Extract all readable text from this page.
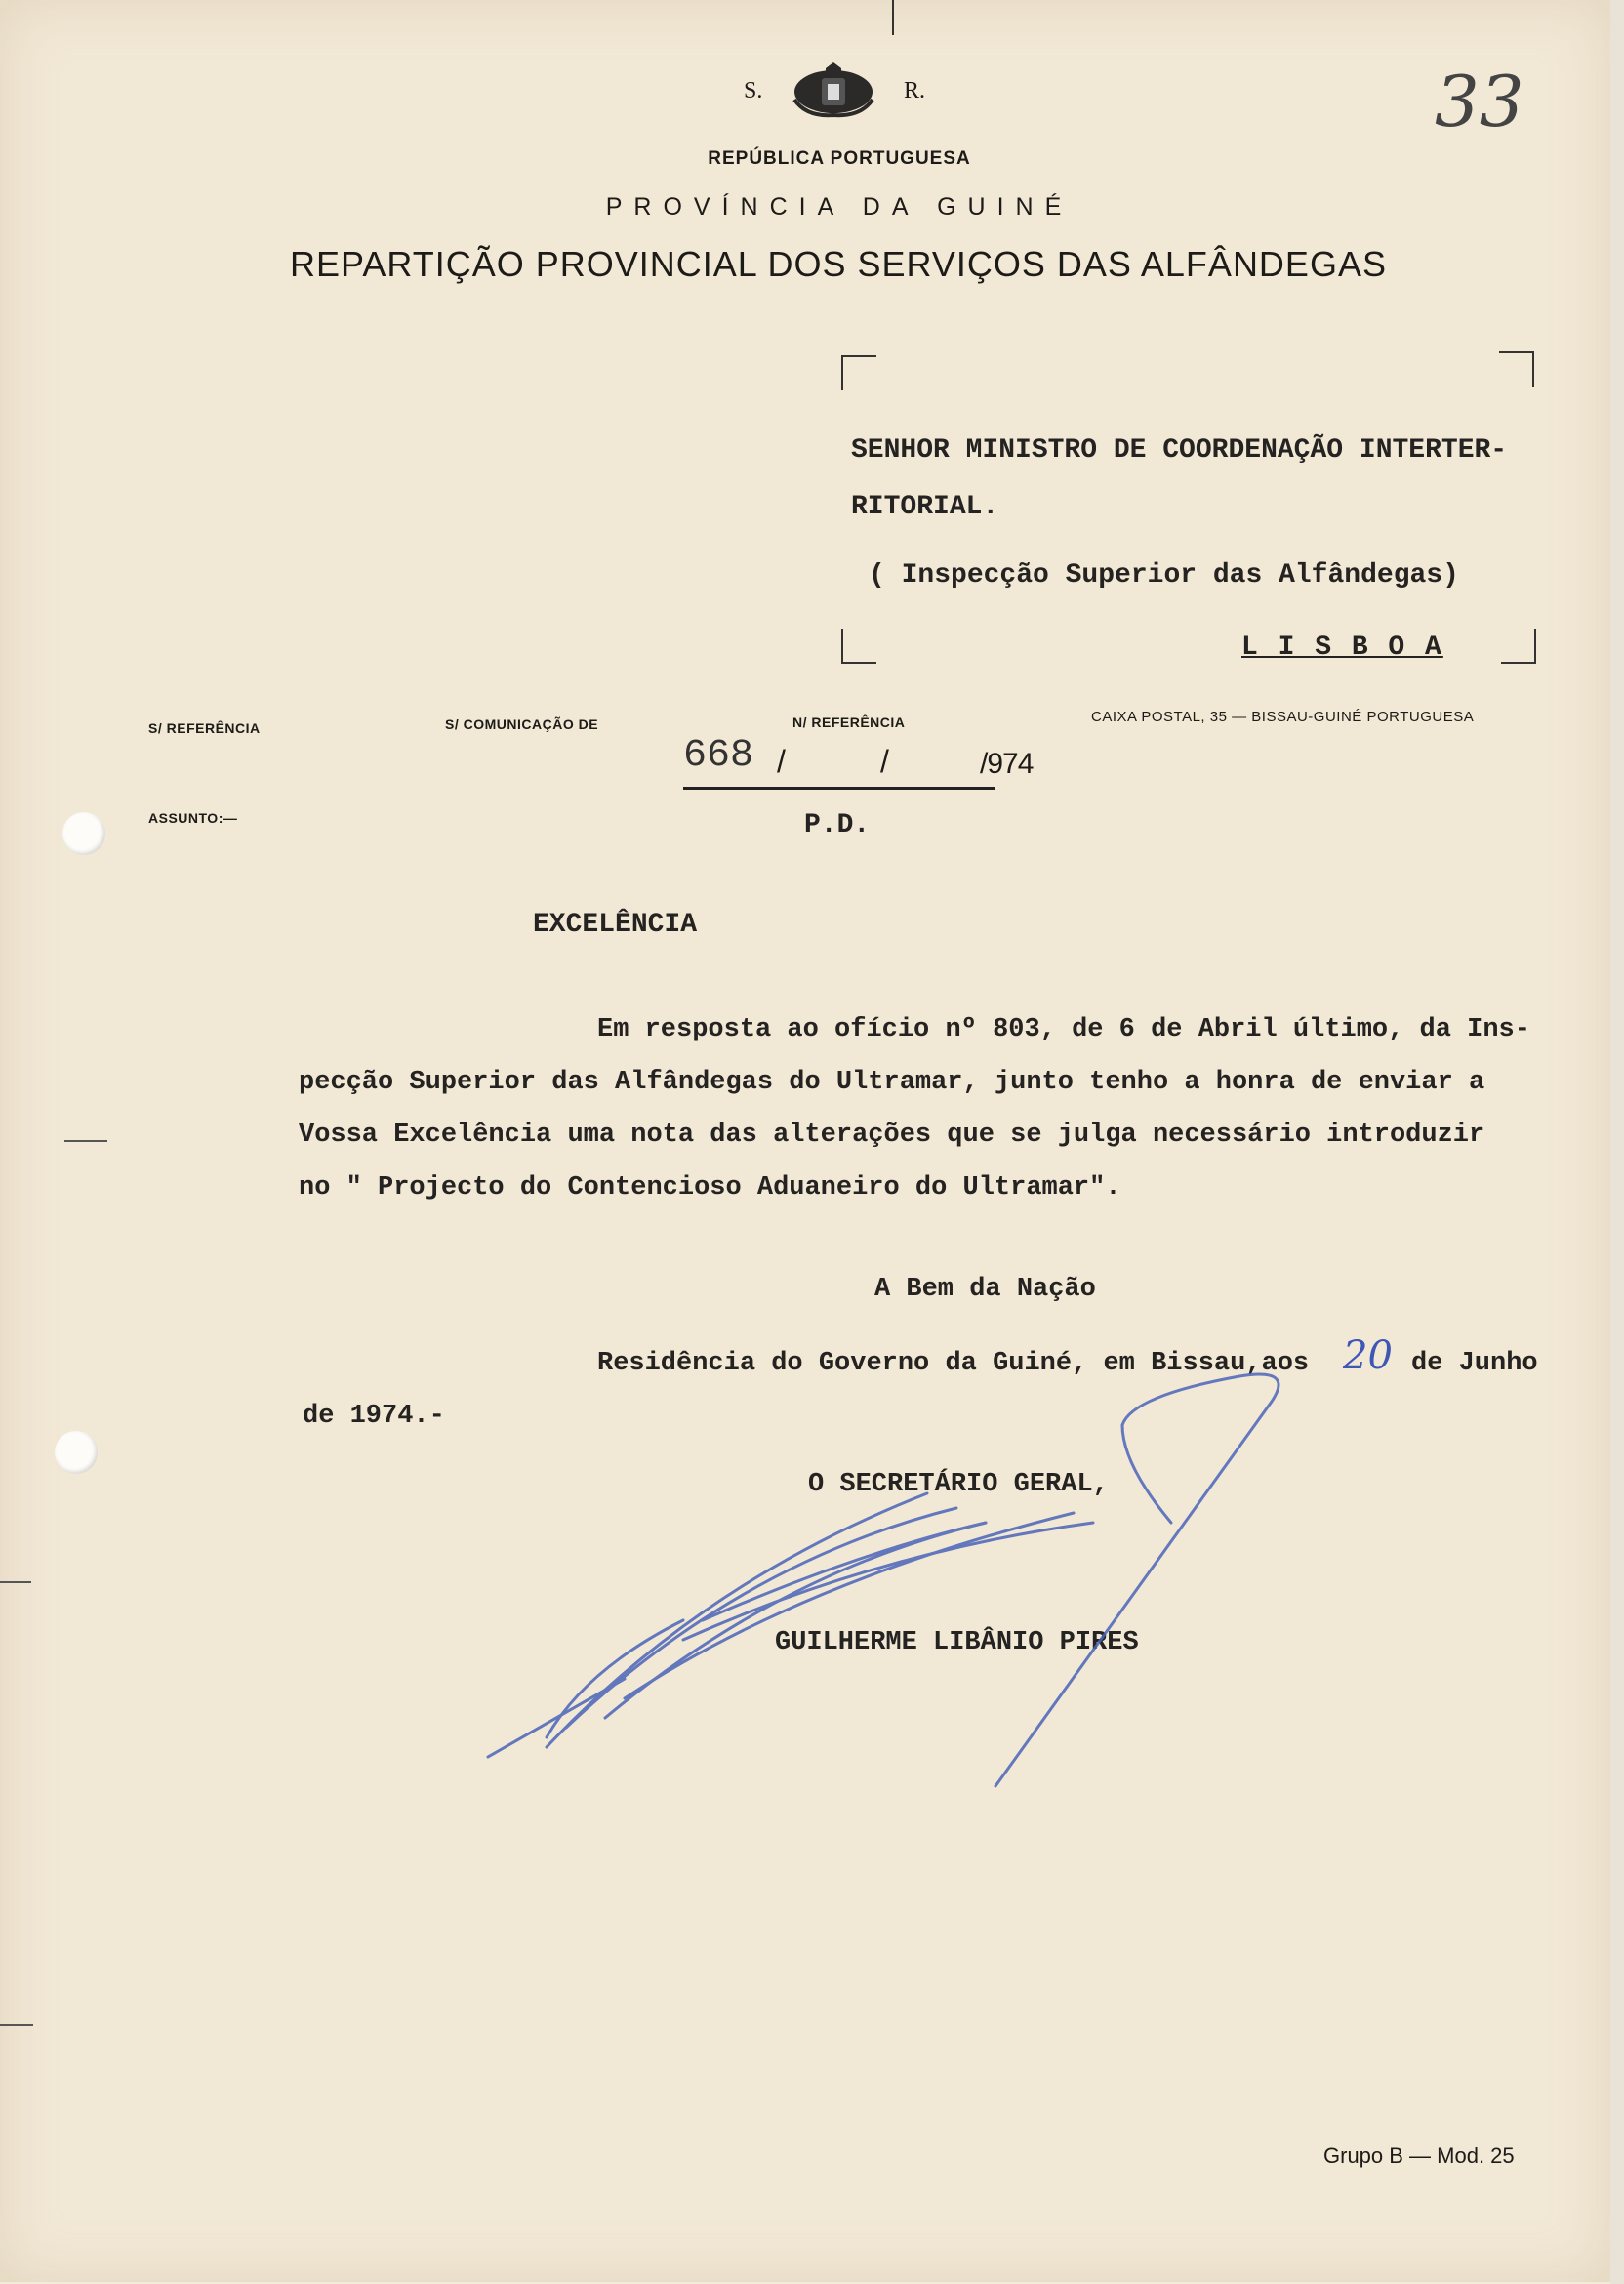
S.	R.
REPÚBLICA PORTUGUESA
PROVÍNCIA DA GUINÉ
REPARTIÇÃO PROVINCIAL DOS SERVIÇOS DAS ALFÂNDEGAS
33
SENHOR MINISTRO DE COORDENAÇÃO INTERTER-
RITORIAL.
( Inspecção Superior das Alfândegas)
L I S B O A
S/ REFERÊNCIA	S/ COMUNICAÇÃO DE	N/ REFERÊNCIA	CAIXA POSTAL, 35 — BISSAU-GUINÉ PORTUGUESA
668 /	/	/974
ASSUNTO:—	P.D.
EXCELÊNCIA
Em resposta ao ofício nº 803, de 6 de Abril último, da Ins-
pecção Superior das Alfândegas do Ultramar, junto tenho a honra de enviar a
Vossa Excelência uma nota das alterações que se julga necessário introduzir
no " Projecto do Contencioso Aduaneiro do Ultramar".
A Bem da Nação
Residência do Governo da Guiné, em Bissau,aos 20 de Junho
de 1974.-
O SECRETÁRIO GERAL,
GUILHERME LIBÂNIO PIRES
Grupo B — Mod. 25
